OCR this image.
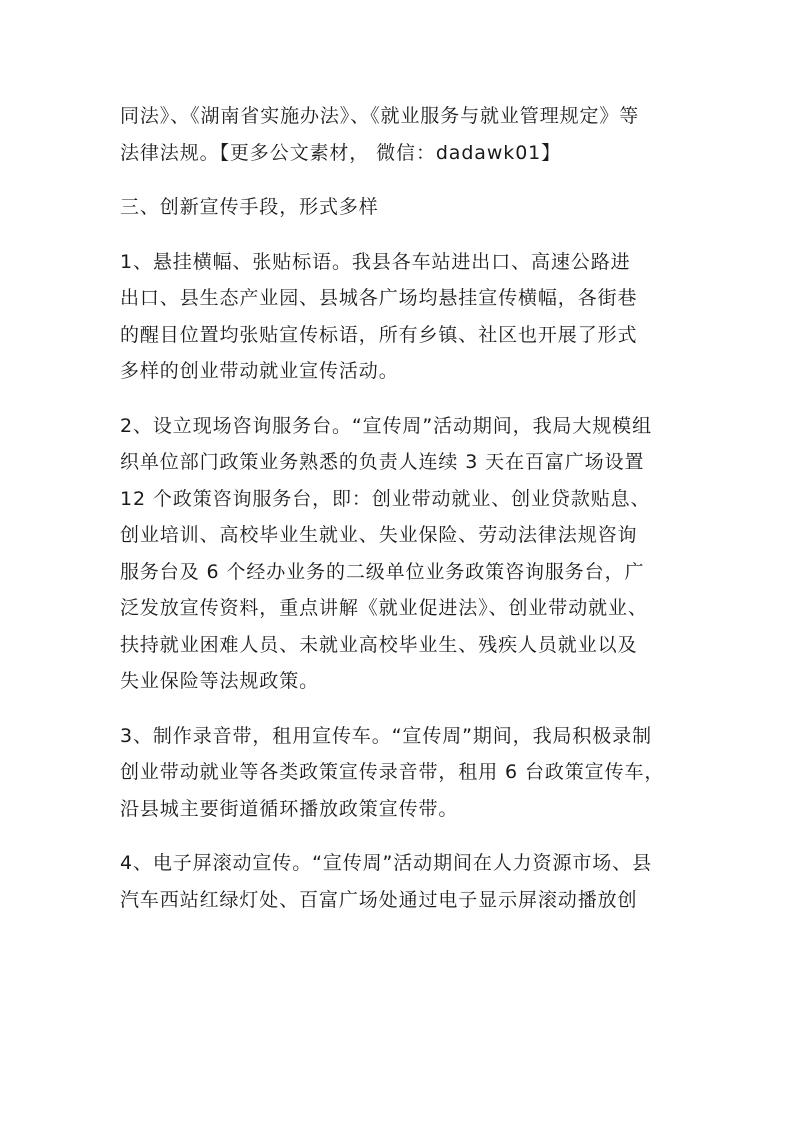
同法》、《湖南省实施办法》、《就业服务与就业管理规定》等
法律法规。【更多公文素材， 微信：dadawk01】

三、创新宣传手段，形式多样

1、悬挂横幅、张贴标语。我县各车站进出口、高速公路进
出口、县生态产业园、县城各广场均悬挂宣传横幅，各街巷
的醒目位置均张贴宣传标语，所有乡镇、社区也开展了形式
多样的创业带动就业宣传活动。

2、设立现场咨询服务台。“宣传周”活动期间，我局大规模组
织单位部门政策业务熟悉的负责人连续 3 天在百富广场设置
12 个政策咨询服务台，即：创业带动就业、创业贷款贴息、
创业培训、高校毕业生就业、失业保险、劳动法律法规咨询
服务台及 6 个经办业务的二级单位业务政策咨询服务台，广
泛发放宣传资料，重点讲解《就业促进法》、创业带动就业、
扶持就业困难人员、未就业高校毕业生、残疾人员就业以及
失业保险等法规政策。

3、制作录音带，租用宣传车。“宣传周”期间，我局积极录制
创业带动就业等各类政策宣传录音带，租用 6 台政策宣传车，
沿县城主要街道循环播放政策宣传带。

4、电子屏滚动宣传。“宣传周”活动期间在人力资源市场、县
汽车西站红绿灯处、百富广场处通过电子显示屏滚动播放创
